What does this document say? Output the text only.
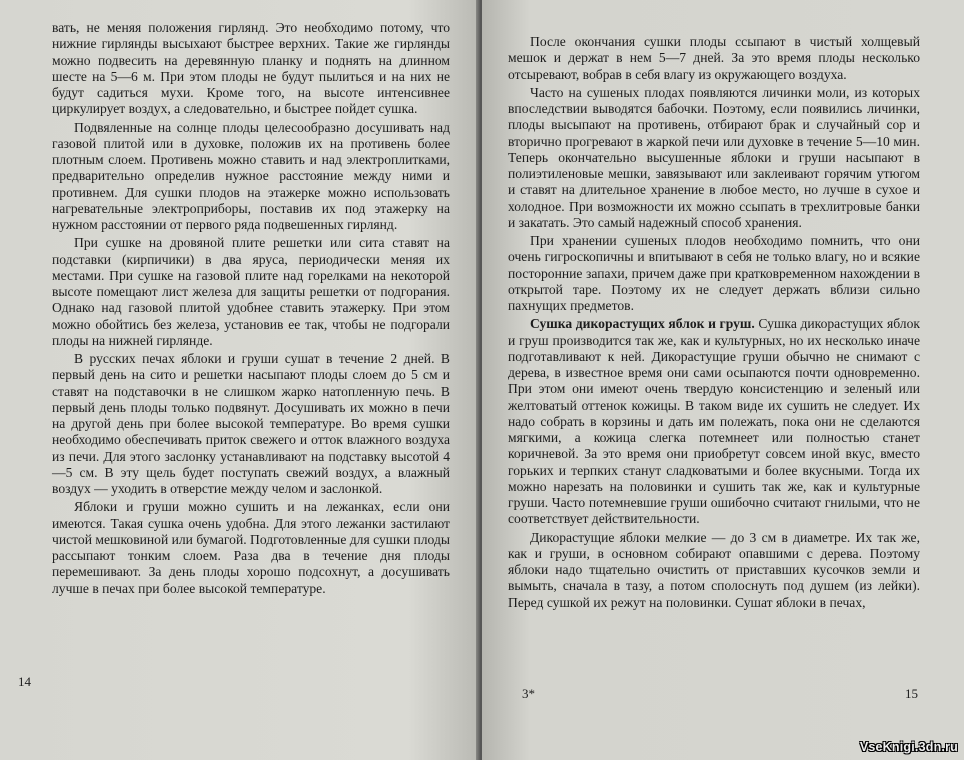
вать, не меняя положения гирлянд. Это необходимо потому, что нижние гирлянды высыхают быстрее верхних. Такие же гирлянды можно подвесить на деревянную планку и поднять на длинном шесте на 5—6 м. При этом плоды не будут пылиться и на них не будут садиться мухи. Кроме того, на высоте интенсивнее циркулирует воздух, а следовательно, и быстрее пойдет сушка.

Подвяленные на солнце плоды целесообразно досушивать над газовой плитой или в духовке, положив их на противень более плотным слоем. Противень можно ставить и над электроплитками, предварительно определив нужное расстояние между ними и противнем. Для сушки плодов на этажерке можно использовать нагревательные электроприборы, поставив их под этажерку на нужном расстоянии от первого ряда подвешенных гирлянд.

При сушке на дровяной плите решетки или сита ставят на подставки (кирпичики) в два яруса, периодически меняя их местами. При сушке на газовой плите над горелками на некоторой высоте помещают лист железа для защиты решетки от подгорания. Однако над газовой плитой удобнее ставить этажерку. При этом можно обойтись без железа, установив ее так, чтобы не подгорали плоды на нижней гирлянде.

В русских печах яблоки и груши сушат в течение 2 дней. В первый день на сито и решетки насыпают плоды слоем до 5 см и ставят на подставочки в не слишком жарко натопленную печь. В первый день плоды только подвянут. Досушивать их можно в печи на другой день при более высокой температуре. Во время сушки необходимо обеспечивать приток свежего и отток влажного воздуха из печи. Для этого заслонку устанавливают на подставку высотой 4—5 см. В эту щель будет поступать свежий воздух, а влажный воздух — уходить в отверстие между челом и заслонкой.

Яблоки и груши можно сушить и на лежанках, если они имеются. Такая сушка очень удобна. Для этого лежанки застилают чистой мешковиной или бумагой. Подготовленные для сушки плоды рассыпают тонким слоем. Раза два в течение дня плоды перемешивают. За день плоды хорошо подсохнут, а досушивать лучше в печах при более высокой температуре.

14

После окончания сушки плоды ссыпают в чистый холщевый мешок и держат в нем 5—7 дней. За это время плоды несколько отсыревают, вобрав в себя влагу из окружающего воздуха.

Часто на сушеных плодах появляются личинки моли, из которых впоследствии выводятся бабочки. Поэтому, если появились личинки, плоды высыпают на противень, отбирают брак и случайный сор и вторично прогревают в жаркой печи или духовке в течение 5—10 мин. Теперь окончательно высушенные яблоки и груши насыпают в полиэтиленовые мешки, завязывают или заклеивают горячим утюгом и ставят на длительное хранение в любое место, но лучше в сухое и холодное. При возможности их можно ссыпать в трехлитровые банки и закатать. Это самый надежный способ хранения.

При хранении сушеных плодов необходимо помнить, что они очень гигроскопичны и впитывают в себя не только влагу, но и всякие посторонние запахи, причем даже при кратковременном нахождении в открытой таре. Поэтому их не следует держать вблизи сильно пахнущих предметов.

Сушка дикорастущих яблок и груш. Сушка дикорастущих яблок и груш производится так же, как и культурных, но их несколько иначе подготавливают к ней. Дикорастущие груши обычно не снимают с дерева, в известное время они сами осыпаются почти одновременно. При этом они имеют очень твердую консистенцию и зеленый или желтоватый оттенок кожицы. В таком виде их сушить не следует. Их надо собрать в корзины и дать им полежать, пока они не сделаются мягкими, а кожица слегка потемнеет или полностью станет коричневой. За это время они приобретут совсем иной вкус, вместо горьких и терпких станут сладковатыми и более вкусными. Тогда их можно нарезать на половинки и сушить так же, как и культурные груши. Часто потемневшие груши ошибочно считают гнилыми, что не соответствует действительности.

Дикорастущие яблоки мелкие — до 3 см в диаметре. Их так же, как и груши, в основном собирают опавшими с дерева. Поэтому яблоки надо тщательно очистить от приставших кусочков земли и вымыть, сначала в тазу, а потом сполоснуть под душем (из лейки). Перед сушкой их режут на половинки. Сушат яблоки в печах,

3*	15
VseKnigi.3dn.ru
